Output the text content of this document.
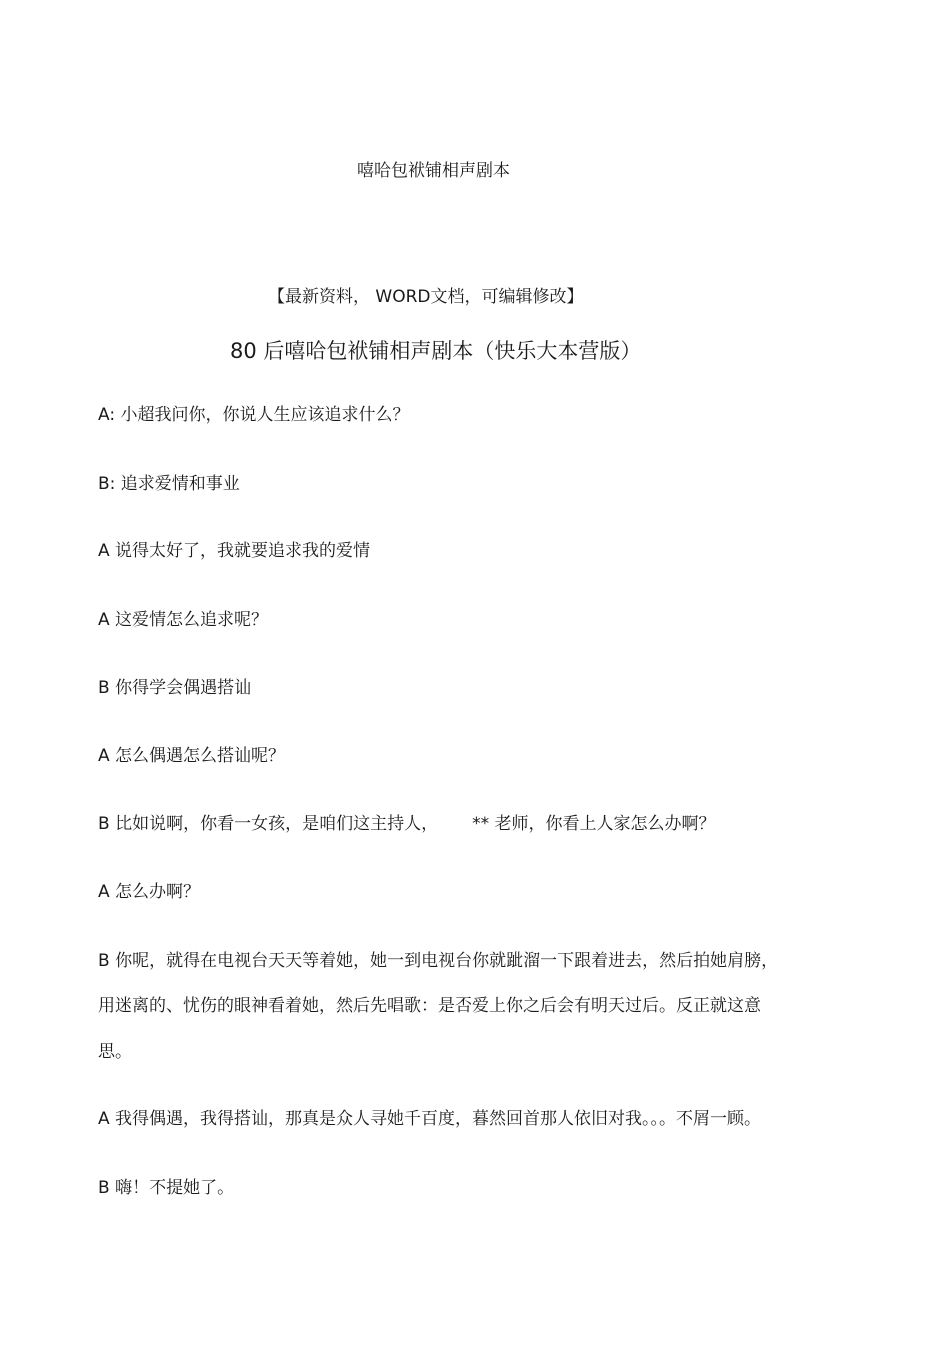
嘻哈包袱铺相声剧本
【最新资料， WORD文档，可编辑修改】
80 后嘻哈包袱铺相声剧本（快乐大本营版）
A: 小超我问你，你说人生应该追求什么？
B: 追求爱情和事业
A 说得太好了，我就要追求我的爱情
A 这爱情怎么追求呢？
B 你得学会偶遇搭讪
A 怎么偶遇怎么搭讪呢？
B 比如说啊，你看一女孩，是咱们这主持人， ** 老师，你看上人家怎么办啊？
A 怎么办啊？
B 你呢，就得在电视台天天等着她，她一到电视台你就跐溜一下跟着进去，然后拍她肩膀，
用迷离的、忧伤的眼神看着她，然后先唱歌：是否爱上你之后会有明天过后。反正就这意
思。
A 我得偶遇，我得搭讪，那真是众人寻她千百度，暮然回首那人依旧对我。。。不屑一顾。
B 嗨！不提她了。
